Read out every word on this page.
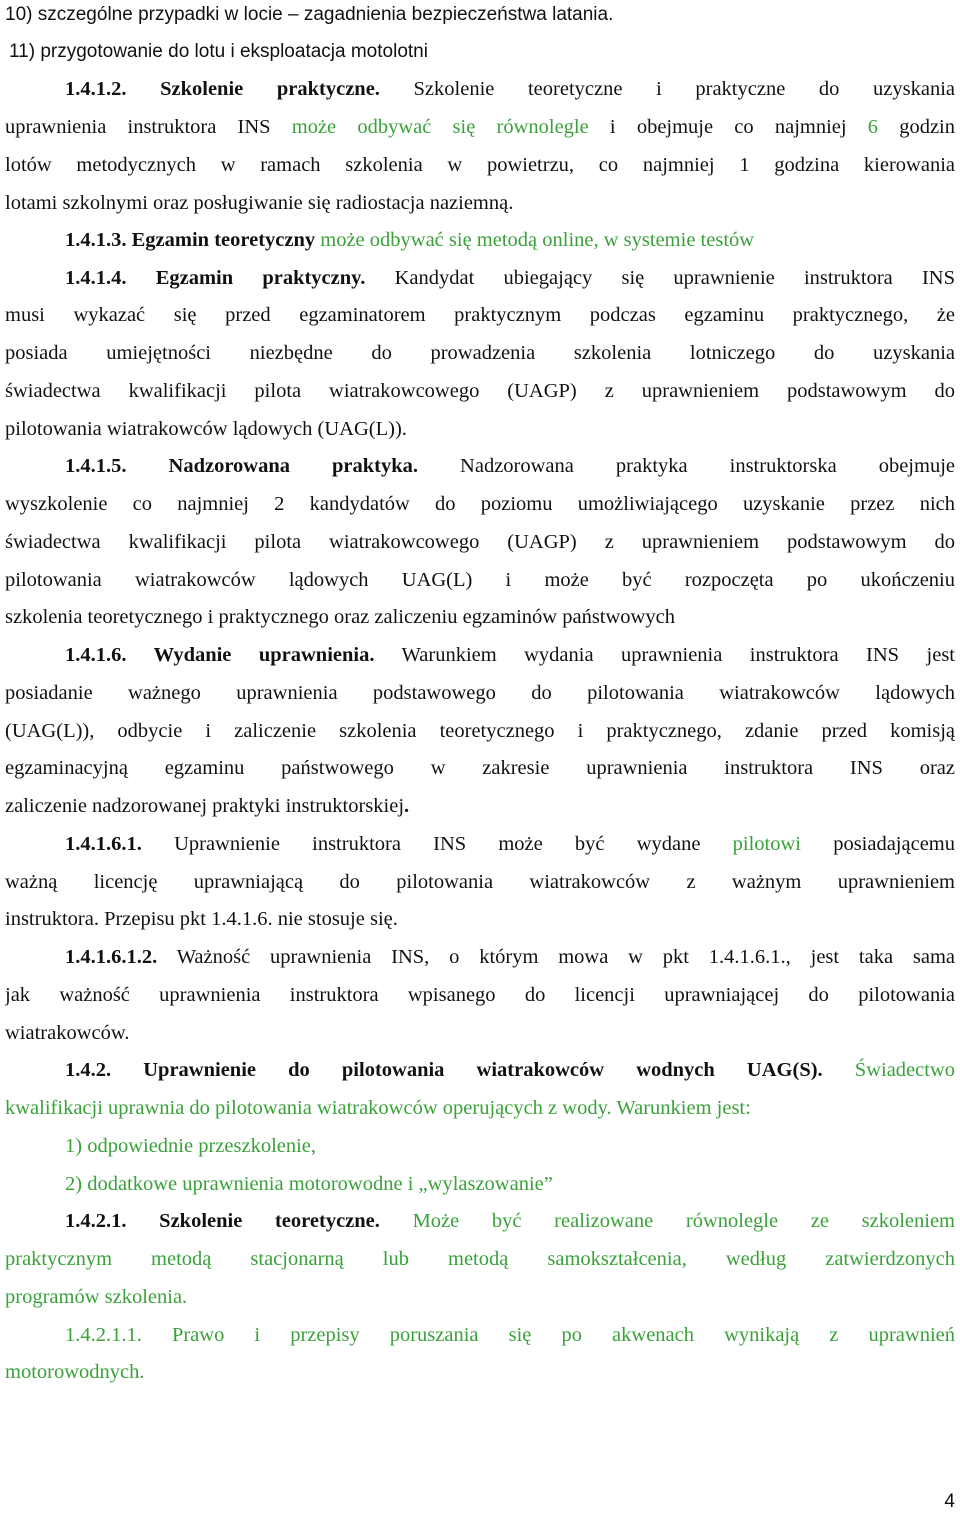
10) szczególne przypadki w locie – zagadnienia bezpieczeństwa latania.
11) przygotowanie do lotu i eksploatacja motolotni
1.4.1.2. Szkolenie praktyczne. Szkolenie teoretyczne i praktyczne do uzyskania
uprawnienia instruktora INS może odbywać się równolegle i obejmuje co najmniej 6 godzin
lotów metodycznych w ramach szkolenia w powietrzu, co najmniej 1 godzina kierowania
lotami szkolnymi oraz posługiwanie się radiostacja naziemną.
1.4.1.3. Egzamin teoretyczny może odbywać się metodą online, w systemie testów
1.4.1.4. Egzamin praktyczny. Kandydat ubiegający się uprawnienie instruktora INS
musi wykazać się przed egzaminatorem praktycznym podczas egzaminu praktycznego, że
posiada umiejętności niezbędne do prowadzenia szkolenia lotniczego do uzyskania
świadectwa kwalifikacji pilota wiatrakowcowego (UAGP) z uprawnieniem podstawowym do
pilotowania wiatrakowców lądowych (UAG(L)).
1.4.1.5. Nadzorowana praktyka. Nadzorowana praktyka instruktorska obejmuje
wyszkolenie co najmniej 2 kandydatów do poziomu umożliwiającego uzyskanie przez nich
świadectwa kwalifikacji pilota wiatrakowcowego (UAGP) z uprawnieniem podstawowym do
pilotowania wiatrakowców lądowych UAG(L) i może być rozpoczęta po ukończeniu
szkolenia teoretycznego i praktycznego oraz zaliczeniu egzaminów państwowych
1.4.1.6. Wydanie uprawnienia. Warunkiem wydania uprawnienia instruktora INS jest
posiadanie ważnego uprawnienia podstawowego do pilotowania wiatrakowców lądowych
(UAG(L)), odbycie i zaliczenie szkolenia teoretycznego i praktycznego, zdanie przed komisją
egzaminacyjną egzaminu państwowego w zakresie uprawnienia instruktora INS oraz
zaliczenie nadzorowanej praktyki instruktorskiej.
1.4.1.6.1. Uprawnienie instruktora INS może być wydane pilotowi posiadającemu
ważną licencję uprawniającą do pilotowania wiatrakowców z ważnym uprawnieniem
instruktora. Przepisu pkt 1.4.1.6. nie stosuje się.
1.4.1.6.1.2. Ważność uprawnienia INS, o którym mowa w pkt 1.4.1.6.1., jest taka sama
jak ważność uprawnienia instruktora wpisanego do licencji uprawniającej do pilotowania
wiatrakowców.
1.4.2. Uprawnienie do pilotowania wiatrakowców wodnych UAG(S). Świadectwo
kwalifikacji uprawnia do pilotowania wiatrakowców operujących z wody. Warunkiem jest:
1) odpowiednie przeszkolenie,
2) dodatkowe uprawnienia motorowodne i „wylaszowanie”
1.4.2.1. Szkolenie teoretyczne. Może być realizowane równolegle ze szkoleniem
praktycznym metodą stacjonarną lub metodą samokształcenia, według zatwierdzonych
programów szkolenia.
1.4.2.1.1. Prawo i przepisy poruszania się po akwenach wynikają z uprawnień
motorowodnych.
4
